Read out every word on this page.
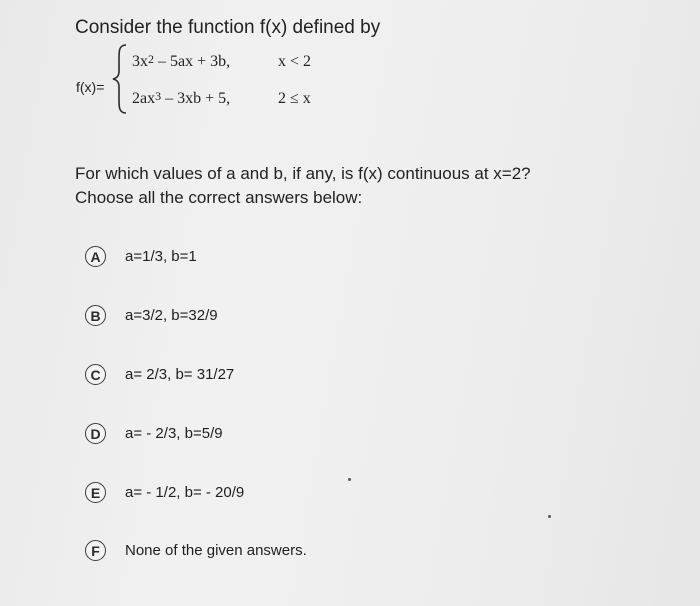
Consider the function f(x) defined by

f(x)=
$3x^2 - 5ax + 3b$,	x < 2
$2ax^3 - 3xb + 5$,	2 ≤ x
For which values of a and b, if any, is f(x) continuous at x=2?
Choose all the correct answers below:
A	a=1/3, b=1
B	a=3/2, b=32/9
C	a= 2/3, b= 31/27
D	a= - 2/3, b=5/9
E	a= - 1/2, b= - 20/9
F	None of the given answers.
